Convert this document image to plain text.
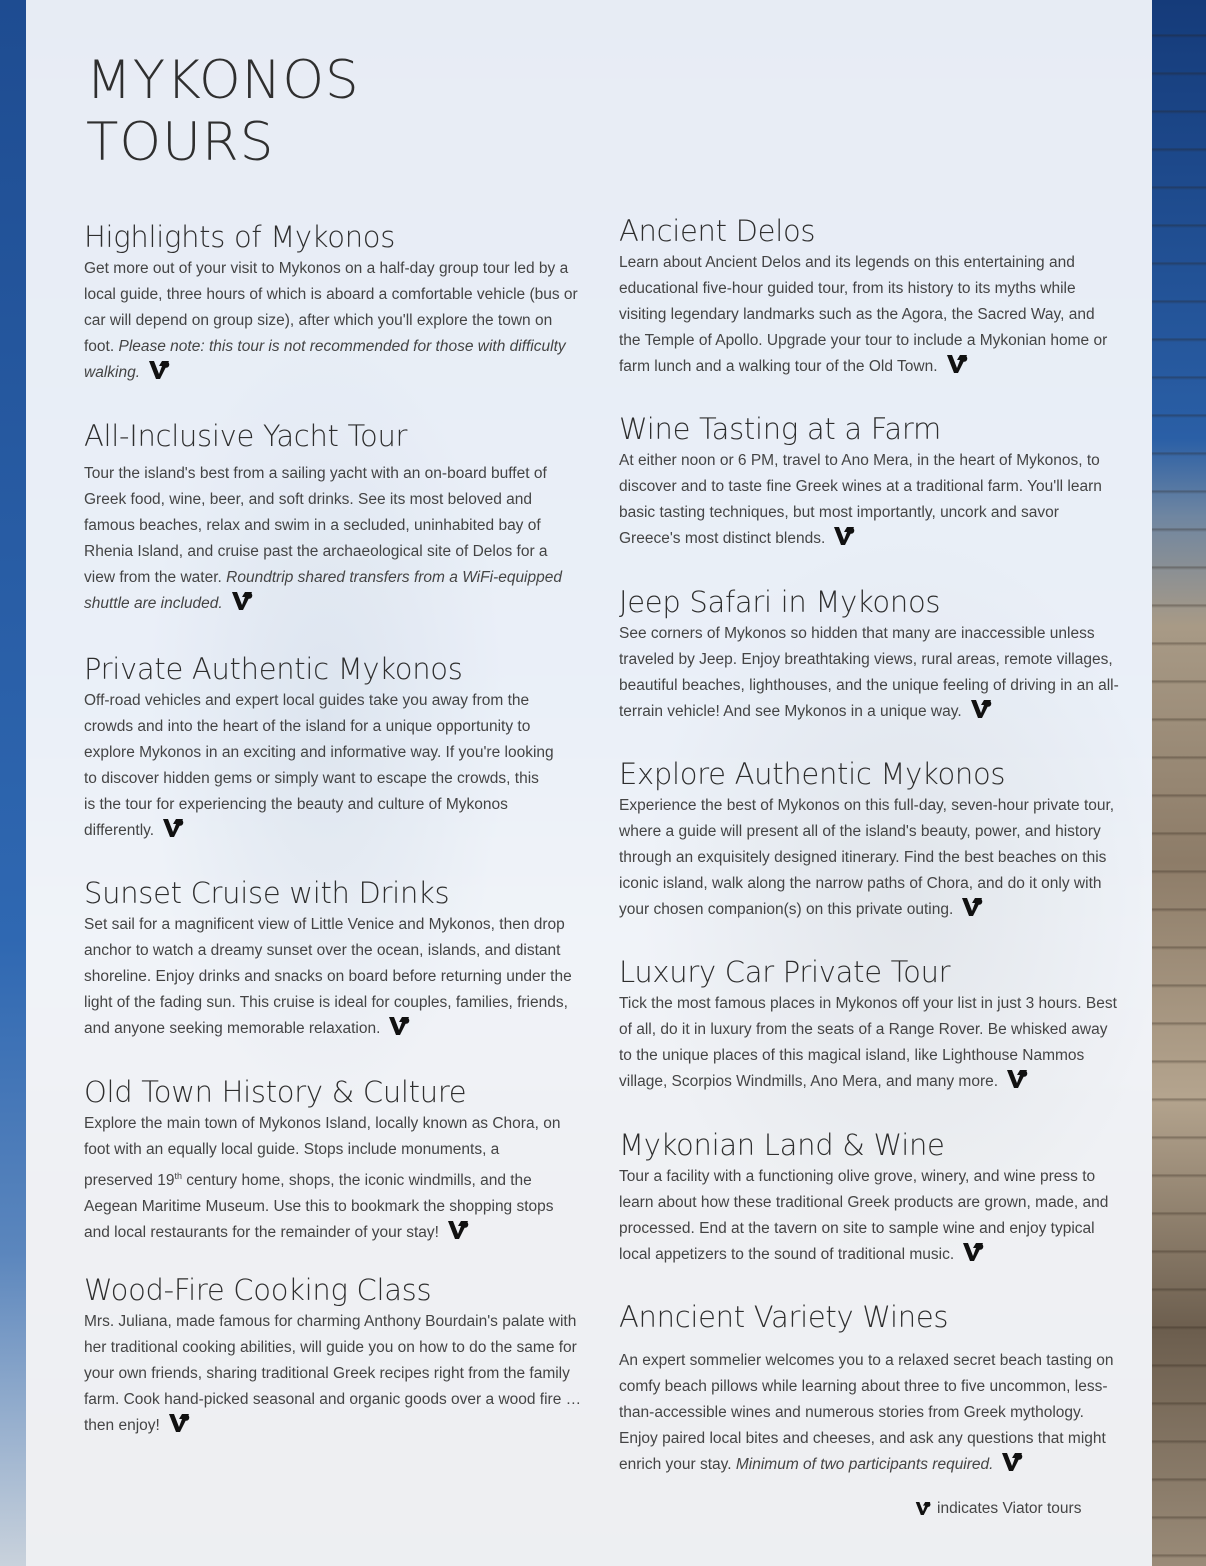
MYKONOS
TOURS
Highlights of Mykonos

Get more out of your visit to Mykonos on a half-day group tour led by a local guide, three hours of which is aboard a comfortable vehicle (bus or car will depend on group size), after which you'll explore the town on foot. Please note: this tour is not recommended for those with difficulty walking.

All-Inclusive Yacht Tour

Tour the island's best from a sailing yacht with an on-board buffet of Greek food, wine, beer, and soft drinks. See its most beloved and famous beaches, relax and swim in a secluded, uninhabited bay of Rhenia Island, and cruise past the archaeological site of Delos for a view from the water. Roundtrip shared transfers from a WiFi-equipped shuttle are included.

Private Authentic Mykonos

Off-road vehicles and expert local guides take you away from the crowds and into the heart of the island for a unique opportunity to explore Mykonos in an exciting and informative way. If you're looking to discover hidden gems or simply want to escape the crowds, this is the tour for experiencing the beauty and culture of Mykonos differently.

Sunset Cruise with Drinks

Set sail for a magnificent view of Little Venice and Mykonos, then drop anchor to watch a dreamy sunset over the ocean, islands, and distant shoreline. Enjoy drinks and snacks on board before returning under the light of the fading sun. This cruise is ideal for couples, families, friends, and anyone seeking memorable relaxation.

Old Town History & Culture

Explore the main town of Mykonos Island, locally known as Chora, on foot with an equally local guide. Stops include monuments, a preserved 19th century home, shops, the iconic windmills, and the Aegean Maritime Museum. Use this to bookmark the shopping stops and local restaurants for the remainder of your stay!

Wood-Fire Cooking Class

Mrs. Juliana, made famous for charming Anthony Bourdain's palate with her traditional cooking abilities, will guide you on how to do the same for your own friends, sharing traditional Greek recipes right from the family farm. Cook hand-picked seasonal and organic goods over a wood fire … then enjoy!

Ancient Delos

Learn about Ancient Delos and its legends on this entertaining and educational five-hour guided tour, from its history to its myths while visiting legendary landmarks such as the Agora, the Sacred Way, and the Temple of Apollo. Upgrade your tour to include a Mykonian home or farm lunch and a walking tour of the Old Town.

Wine Tasting at a Farm

At either noon or 6 PM, travel to Ano Mera, in the heart of Mykonos, to discover and to taste fine Greek wines at a traditional farm. You'll learn basic tasting techniques, but most importantly, uncork and savor Greece's most distinct blends.

Jeep Safari in Mykonos

See corners of Mykonos so hidden that many are inaccessible unless traveled by Jeep. Enjoy breathtaking views, rural areas, remote villages, beautiful beaches, lighthouses, and the unique feeling of driving in an all-terrain vehicle! And see Mykonos in a unique way.

Explore Authentic Mykonos

Experience the best of Mykonos on this full-day, seven-hour private tour, where a guide will present all of the island's beauty, power, and history through an exquisitely designed itinerary. Find the best beaches on this iconic island, walk along the narrow paths of Chora, and do it only with your chosen companion(s) on this private outing.

Luxury Car Private Tour

Tick the most famous places in Mykonos off your list in just 3 hours. Best of all, do it in luxury from the seats of a Range Rover. Be whisked away to the unique places of this magical island, like Lighthouse Nammos village, Scorpios Windmills, Ano Mera, and many more.

Mykonian Land & Wine

Tour a facility with a functioning olive grove, winery, and wine press to learn about how these traditional Greek products are grown, made, and processed. End at the tavern on site to sample wine and enjoy typical local appetizers to the sound of traditional music.

Anncient Variety Wines

An expert sommelier welcomes you to a relaxed secret beach tasting on comfy beach pillows while learning about three to five uncommon, less-than-accessible wines and numerous stories from Greek mythology. Enjoy paired local bites and cheeses, and ask any questions that might enrich your stay. Minimum of two participants required.

indicates Viator tours
